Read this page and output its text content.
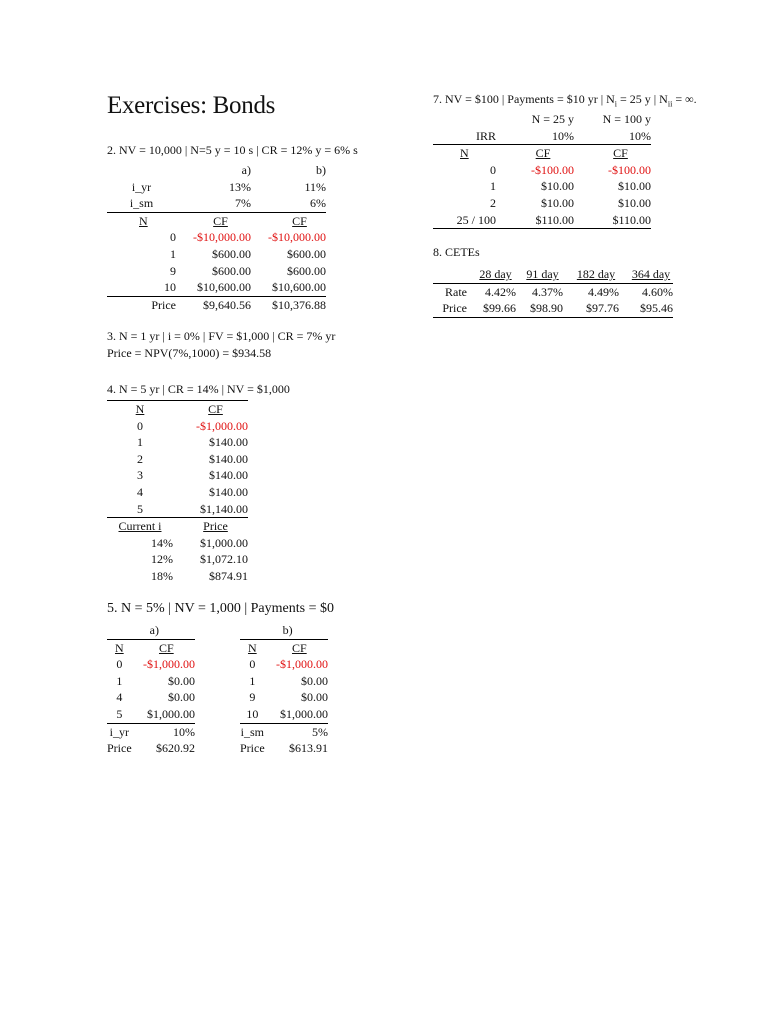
Exercises: Bonds
2. NV = 10,000 | N=5 y = 10 s | CR = 12% y = 6% s
	a)	b)
i_yr	13%	11%
i_sm	7%	6%
N	CF	CF
0	-$10,000.00	-$10,000.00
1	$600.00	$600.00
9	$600.00	$600.00
10	$10,600.00	$10,600.00
Price	$9,640.56	$10,376.88
3. N = 1 yr | i = 0% | FV = $1,000 | CR = 7% yr
Price = NPV(7%,1000) = $934.58
4. N = 5 yr | CR = 14% | NV = $1,000
N	CF
0	-$1,000.00
1	$140.00
2	$140.00
3	$140.00
4	$140.00
5	$1,140.00
Current i	Price
14%	$1,000.00
12%	$1,072.10
18%	$874.91
5. N = 5% | NV = 1,000 | Payments = $0
	a)
N	CF
0	-$1,000.00
1	$0.00
4	$0.00
5	$1,000.00
i_yr	10%
Price	$620.92
	b)
N	CF
0	-$1,000.00
1	$0.00
9	$0.00
10	$1,000.00
i_sm	5%
Price	$613.91
7. NV = $100 | Payments = $10 yr | $N_i = 25$ y | $N_{ii}$ = ∞.
	N = 25 y	N = 100 y
IRR	10%	10%
N	CF	CF
0	-$100.00	-$100.00
1	$10.00	$10.00
2	$10.00	$10.00
25 / 100	$110.00	$110.00
8. CETEs
	28 day	91 day	182 day	364 day
Rate	4.42%	4.37%	4.49%	4.60%
Price	$99.66	$98.90	$97.76	$95.46
